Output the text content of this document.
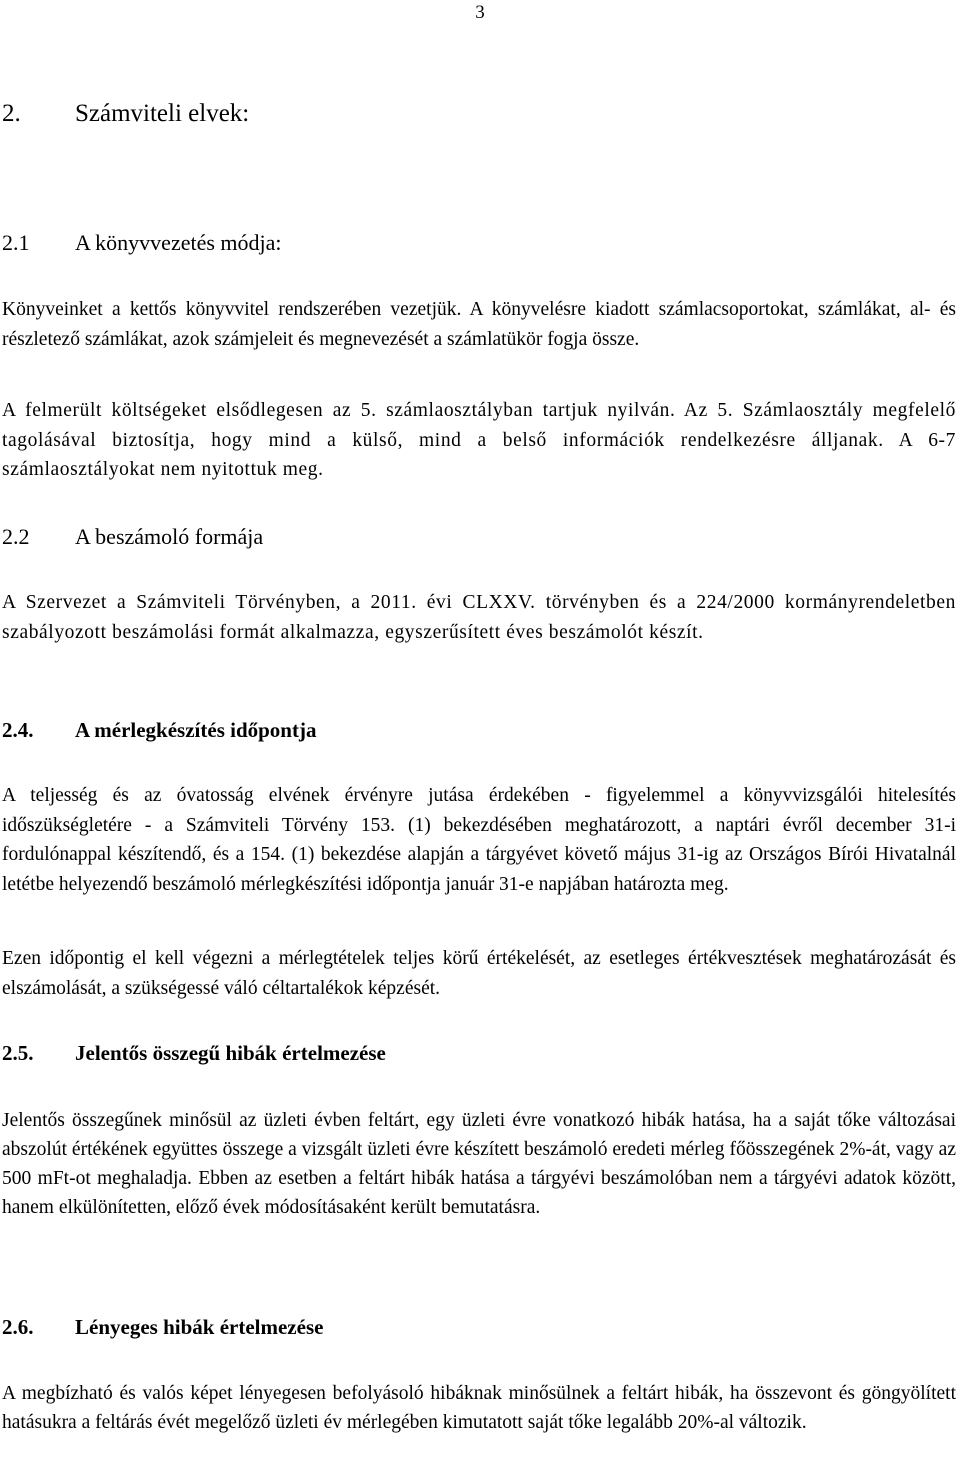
3
2.	Számviteli elvek:
2.1	A könyvvezetés módja:
Könyveinket a kettős könyvvitel rendszerében vezetjük. A könyvelésre kiadott számlacsoportokat, számlákat, al- és részletező számlákat, azok számjeleit és megnevezését a számlatükör fogja össze.
A felmerült költségeket elsődlegesen az 5. számlaosztályban tartjuk nyilván. Az 5. Számlaosztály megfelelő tagolásával biztosítja, hogy mind a külső, mind a belső információk rendelkezésre álljanak. A 6-7 számlaosztályokat nem nyitottuk meg.
2.2	A beszámoló formája
A Szervezet a Számviteli Törvényben, a 2011. évi CLXXV. törvényben és a 224/2000 kormányrendeletben szabályozott beszámolási formát alkalmazza, egyszerűsített éves beszámolót készít.
2.4.	A mérlegkészítés időpontja
A teljesség és az óvatosság elvének érvényre jutása érdekében - figyelemmel a könyvvizsgálói hitelesítés időszükségletére - a Számviteli Törvény 153. (1) bekezdésében meghatározott, a naptári évről december 31-i fordulónappal készítendő, és a 154. (1) bekezdése alapján a tárgyévet követő május 31-ig az Országos Bírói Hivatalnál letétbe helyezendő beszámoló mérlegkészítési időpontja január 31-e napjában határozta meg.
Ezen időpontig el kell végezni a mérlegtételek teljes körű értékelését, az esetleges értékvesztések meghatározását és elszámolását, a szükségessé váló céltartalékok képzését.
2.5.	Jelentős összegű hibák értelmezése
Jelentős összegűnek minősül az üzleti évben feltárt, egy üzleti évre vonatkozó hibák hatása, ha a saját tőke változásai abszolút értékének együttes összege a vizsgált üzleti évre készített beszámoló eredeti mérleg főösszegének 2%-át, vagy az 500 mFt-ot meghaladja. Ebben az esetben a feltárt hibák hatása a tárgyévi beszámolóban nem a tárgyévi adatok között, hanem elkülönítetten, előző évek módosításaként került bemutatásra.
2.6.	Lényeges hibák értelmezése
A megbízható és valós képet lényegesen befolyásoló hibáknak minősülnek a feltárt hibák, ha összevont és göngyölített hatásukra a feltárás évét megelőző üzleti év mérlegében kimutatott saját tőke legalább 20%-al változik.
